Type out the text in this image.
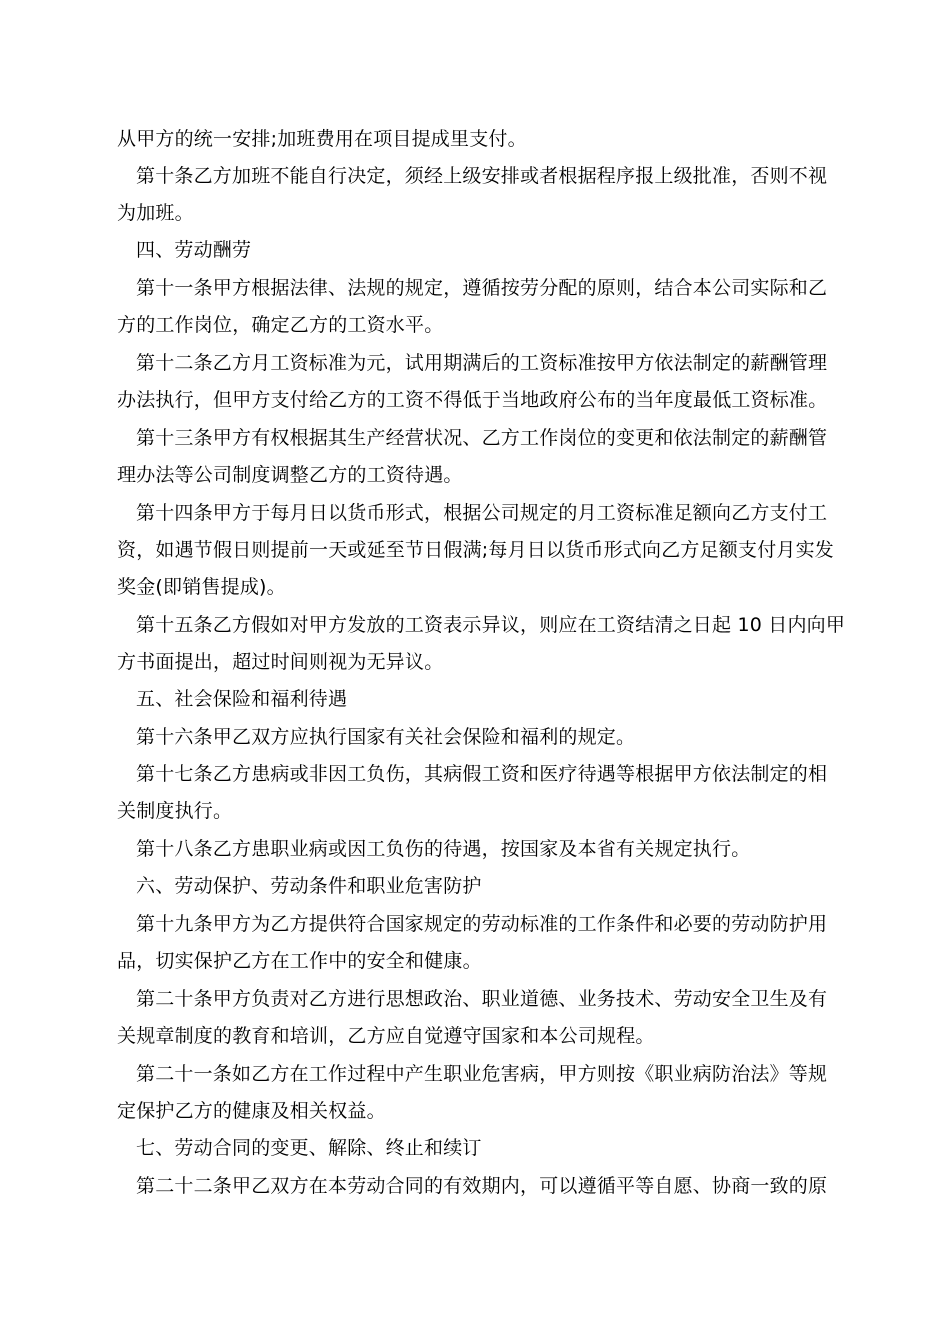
从甲方的统一安排;加班费用在项目提成里支付。
第十条乙方加班不能自行决定，须经上级安排或者根据程序报上级批准，否则不视
为加班。
四、劳动酬劳
第十一条甲方根据法律、法规的规定，遵循按劳分配的原则，结合本公司实际和乙
方的工作岗位，确定乙方的工资水平。
第十二条乙方月工资标准为元，试用期满后的工资标准按甲方依法制定的薪酬管理
办法执行，但甲方支付给乙方的工资不得低于当地政府公布的当年度最低工资标准。
第十三条甲方有权根据其生产经营状况、乙方工作岗位的变更和依法制定的薪酬管
理办法等公司制度调整乙方的工资待遇。
第十四条甲方于每月日以货币形式，根据公司规定的月工资标准足额向乙方支付工
资，如遇节假日则提前一天或延至节日假满;每月日以货币形式向乙方足额支付月实发
奖金(即销售提成)。
第十五条乙方假如对甲方发放的工资表示异议，则应在工资结清之日起 10 日内向甲
方书面提出，超过时间则视为无异议。
五、社会保险和福利待遇
第十六条甲乙双方应执行国家有关社会保险和福利的规定。
第十七条乙方患病或非因工负伤，其病假工资和医疗待遇等根据甲方依法制定的相
关制度执行。
第十八条乙方患职业病或因工负伤的待遇，按国家及本省有关规定执行。
六、劳动保护、劳动条件和职业危害防护
第十九条甲方为乙方提供符合国家规定的劳动标准的工作条件和必要的劳动防护用
品，切实保护乙方在工作中的安全和健康。
第二十条甲方负责对乙方进行思想政治、职业道德、业务技术、劳动安全卫生及有
关规章制度的教育和培训，乙方应自觉遵守国家和本公司规程。
第二十一条如乙方在工作过程中产生职业危害病，甲方则按《职业病防治法》等规
定保护乙方的健康及相关权益。
七、劳动合同的变更、解除、终止和续订
第二十二条甲乙双方在本劳动合同的有效期内，可以遵循平等自愿、协商一致的原
